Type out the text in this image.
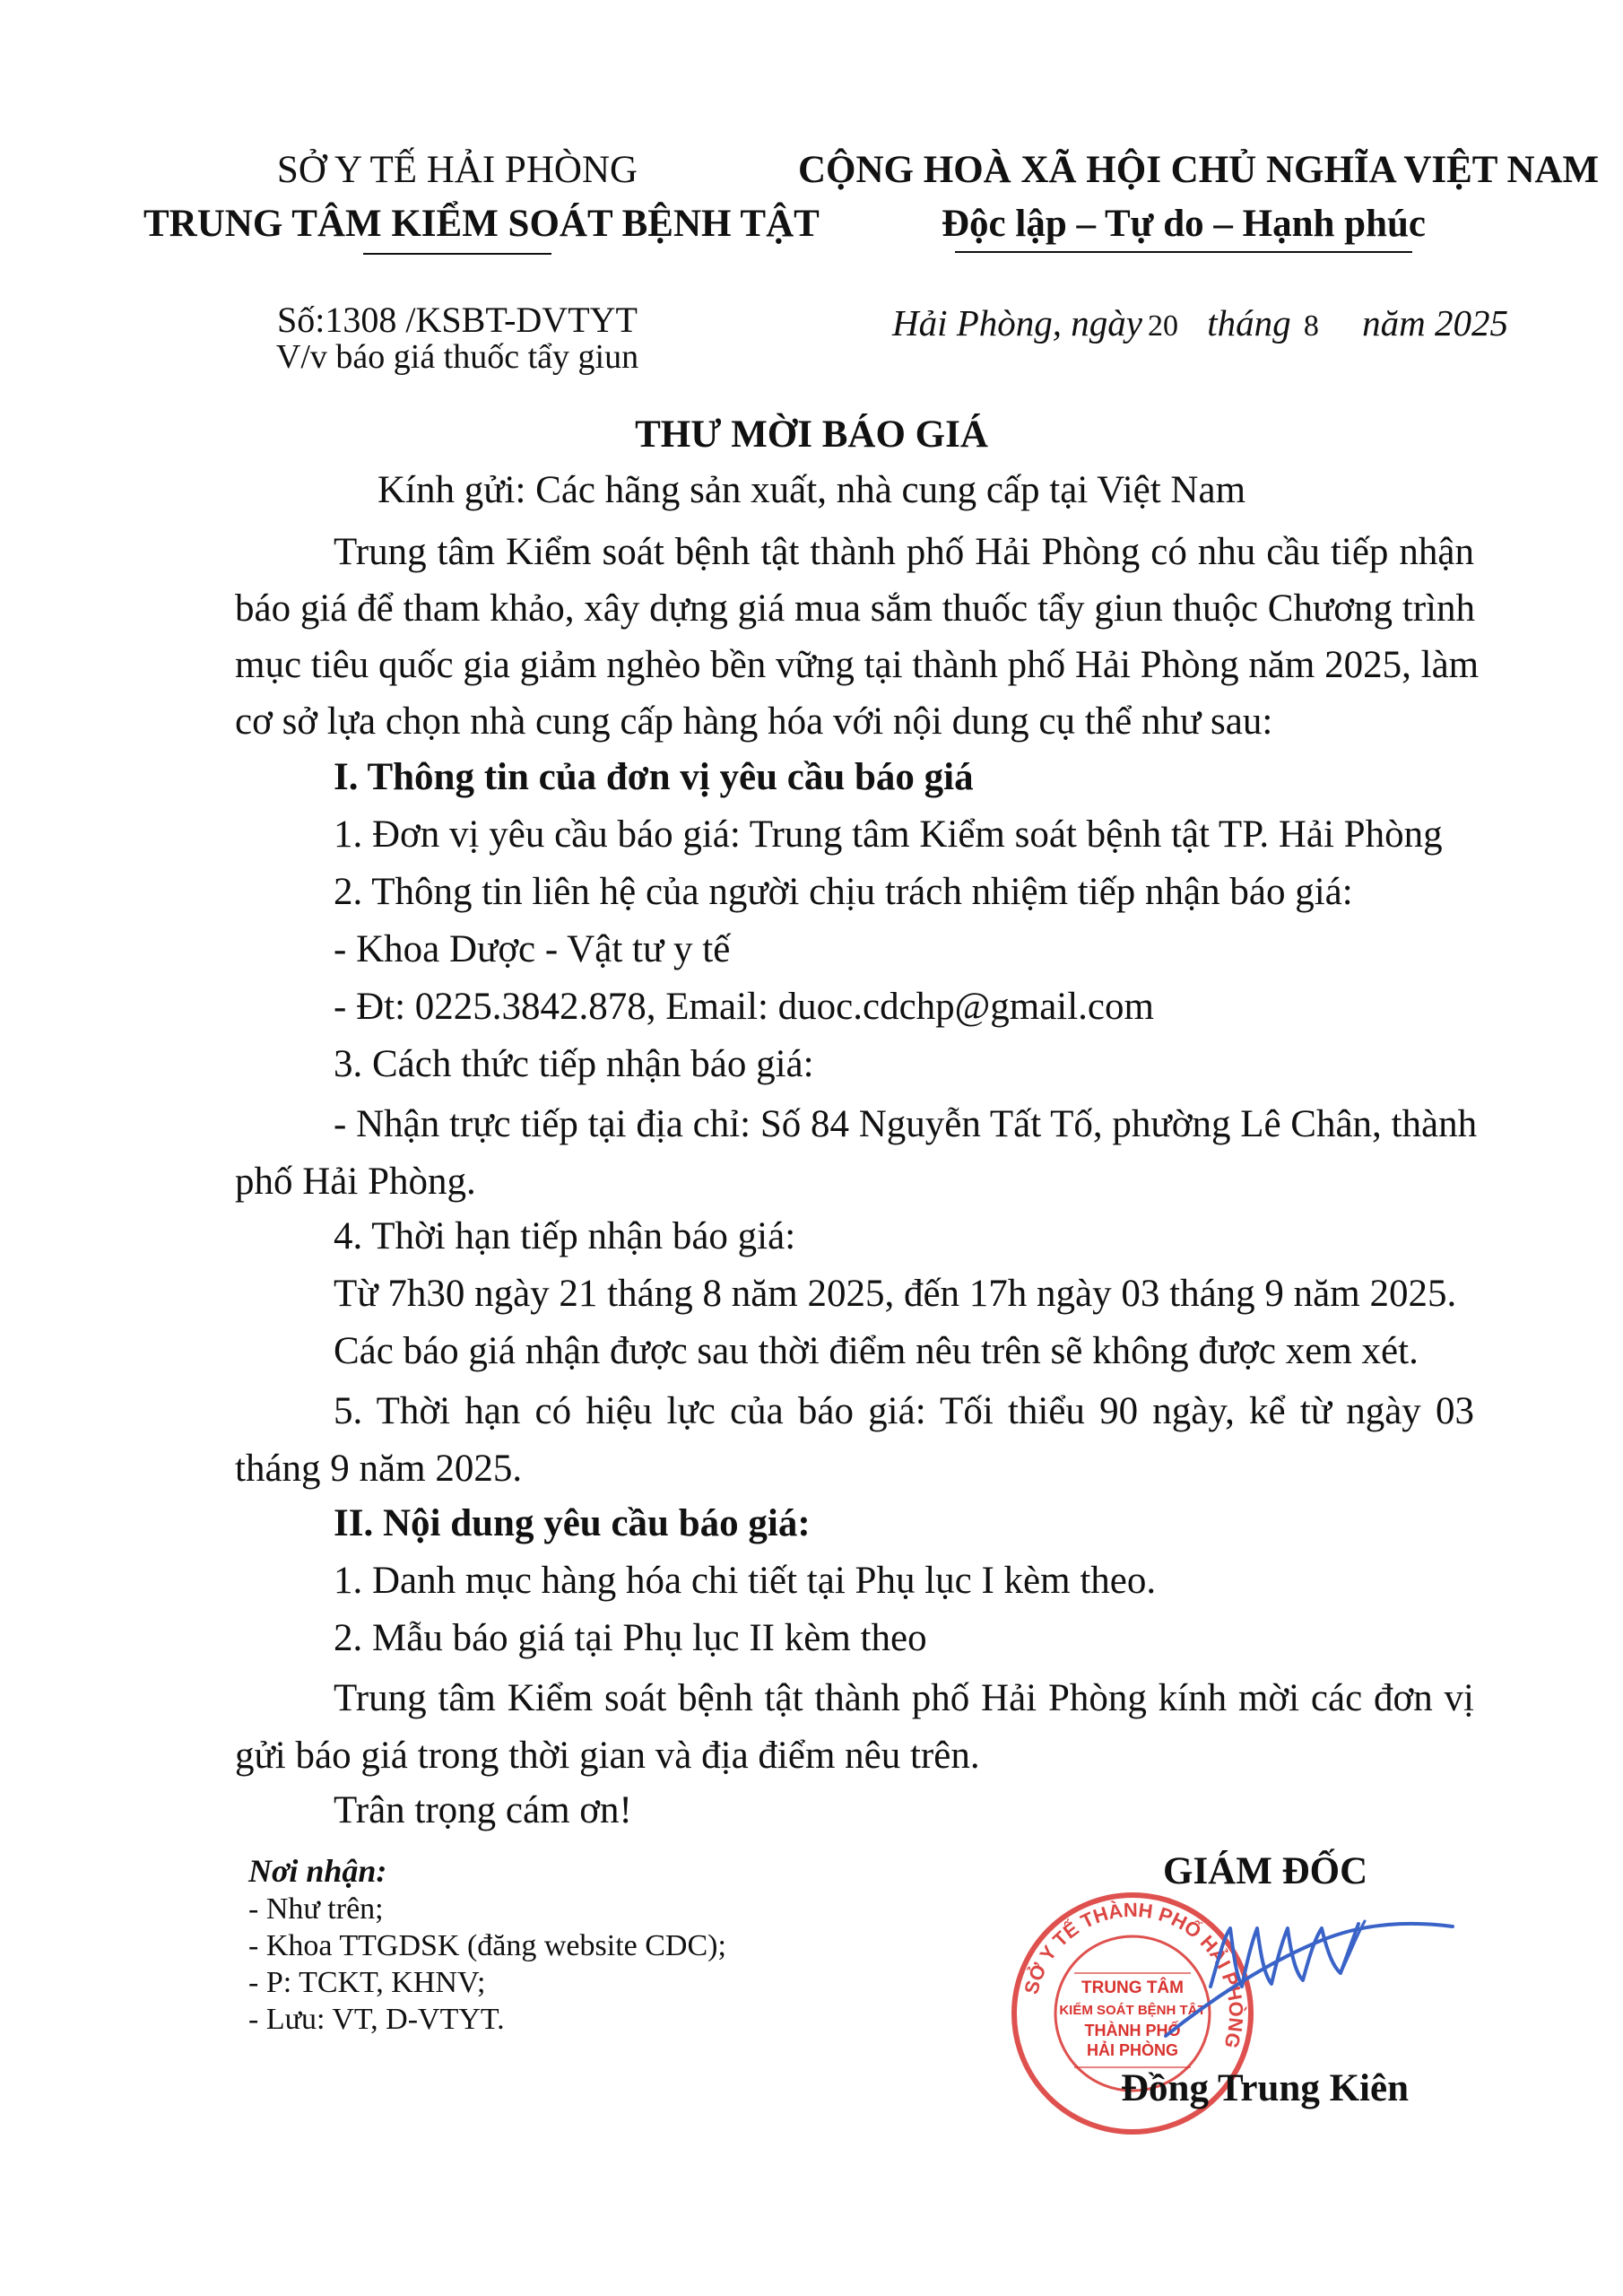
SỞ Y TẾ HẢI PHÒNG
TRUNG TÂM KIỂM SOÁT BỆNH TẬT
CỘNG HOÀ XÃ HỘI CHỦ NGHĨA VIỆT NAM
Độc lập – Tự do – Hạnh phúc
Số:1308 /KSBT-DVTYT
V/v báo giá thuốc tẩy giun
Hải Phòng, ngày 20 tháng 8 năm 2025
THƯ MỜI BÁO GIÁ
Kính gửi: Các hãng sản xuất, nhà cung cấp tại Việt Nam
Trung tâm Kiểm soát bệnh tật thành phố Hải Phòng có nhu cầu tiếp nhận
báo giá để tham khảo, xây dựng giá mua sắm thuốc tẩy giun thuộc Chương trình
mục tiêu quốc gia giảm nghèo bền vững tại thành phố Hải Phòng năm 2025, làm
cơ sở lựa chọn nhà cung cấp hàng hóa với nội dung cụ thể như sau:
I. Thông tin của đơn vị yêu cầu báo giá
1. Đơn vị yêu cầu báo giá: Trung tâm Kiểm soát bệnh tật TP. Hải Phòng
2. Thông tin liên hệ của người chịu trách nhiệm tiếp nhận báo giá:
- Khoa Dược - Vật tư y tế
- Đt: 0225.3842.878, Email: duoc.cdchp@gmail.com
3. Cách thức tiếp nhận báo giá:
- Nhận trực tiếp tại địa chỉ: Số 84 Nguyễn Tất Tố, phường Lê Chân, thành
phố Hải Phòng.
4. Thời hạn tiếp nhận báo giá:
Từ 7h30 ngày 21 tháng 8 năm 2025, đến 17h ngày 03 tháng 9 năm 2025.
Các báo giá nhận được sau thời điểm nêu trên sẽ không được xem xét.
5. Thời hạn có hiệu lực của báo giá: Tối thiểu 90 ngày, kể từ ngày 03
tháng 9 năm 2025.
II. Nội dung yêu cầu báo giá:
1. Danh mục hàng hóa chi tiết tại Phụ lục I kèm theo.
2. Mẫu báo giá tại Phụ lục II kèm theo
Trung tâm Kiểm soát bệnh tật thành phố Hải Phòng kính mời các đơn vị
gửi báo giá trong thời gian và địa điểm nêu trên.
Trân trọng cám ơn!
Nơi nhận:
- Như trên;
- Khoa TTGDSK (đăng website CDC);
- P: TCKT, KHNV;
- Lưu: VT, D-VTYT.
GIÁM ĐỐC
SỞ Y TẾ THÀNH PHỐ HẢI PHÒNG
TRUNG TÂM
KIỂM SOÁT BỆNH TẬT
THÀNH PHỐ
HẢI PHÒNG
Đồng Trung Kiên
